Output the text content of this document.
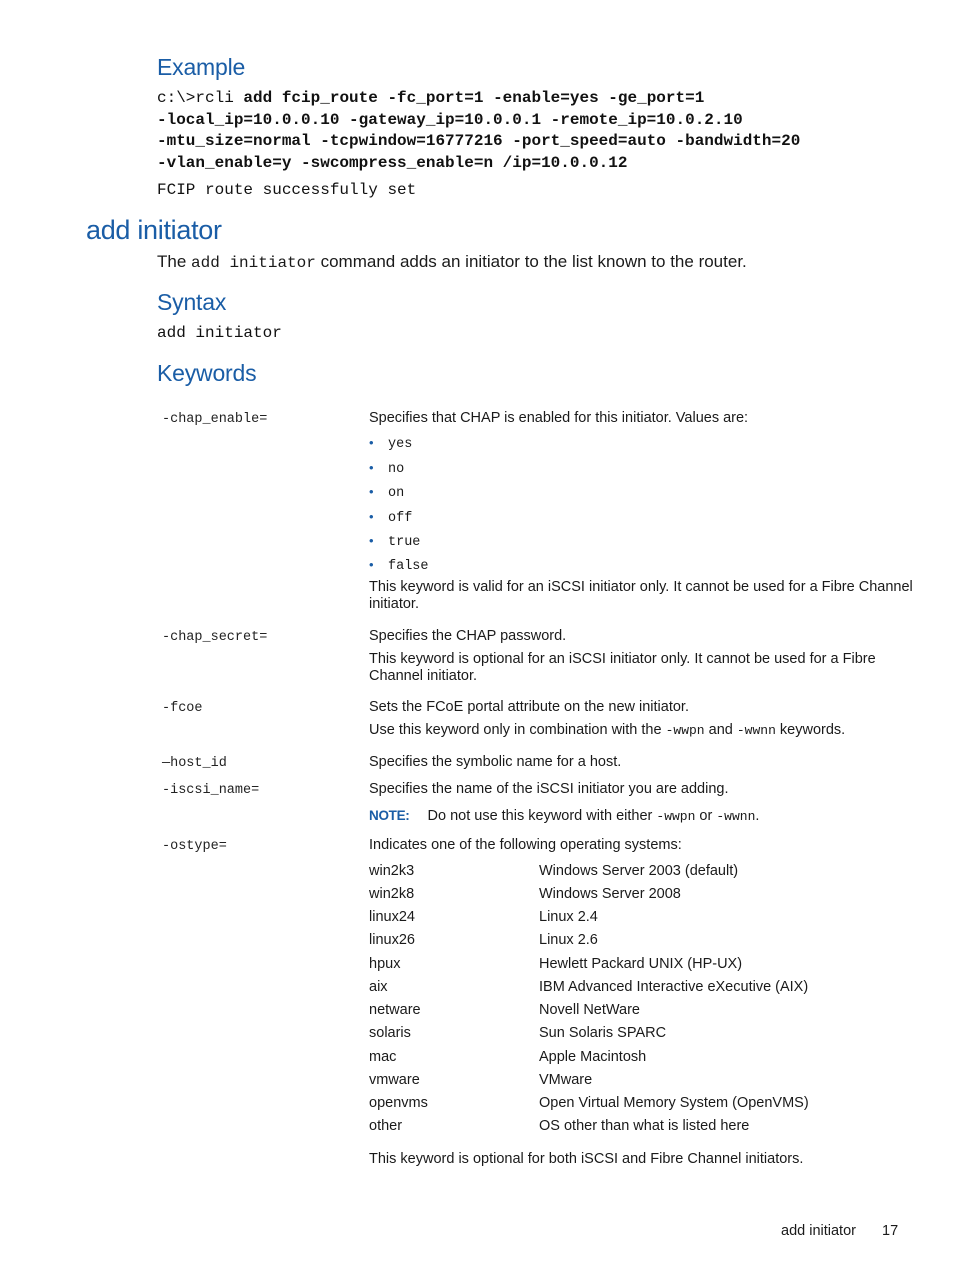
Example
c:\>rcli add fcip_route -fc_port=1 -enable=yes -ge_port=1
-local_ip=10.0.0.10 -gateway_ip=10.0.0.1 -remote_ip=10.0.2.10
-mtu_size=normal -tcpwindow=16777216 -port_speed=auto -bandwidth=20
-vlan_enable=y -swcompress_enable=n /ip=10.0.0.12
FCIP route successfully set
add initiator
The add initiator command adds an initiator to the list known to the router.
Syntax
add initiator
Keywords
-chap_enable=	Specifies that CHAP is enabled for this initiator. Values are:
• yes
• no
• on
• off
• true
• false
This keyword is valid for an iSCSI initiator only. It cannot be used for a Fibre Channel
initiator.
-chap_secret=	Specifies the CHAP password.
This keyword is optional for an iSCSI initiator only. It cannot be used for a Fibre
Channel initiator.
-fcoe	Sets the FCoE portal attribute on the new initiator.
Use this keyword only in combination with the -wwpn and -wwnn keywords.
—host_id	Specifies the symbolic name for a host.
-iscsi_name=	Specifies the name of the iSCSI initiator you are adding.
NOTE: Do not use this keyword with either -wwpn or -wwnn.
-ostype=	Indicates one of the following operating systems:
win2k3	Windows Server 2003 (default)
win2k8	Windows Server 2008
linux24	Linux 2.4
linux26	Linux 2.6
hpux	Hewlett Packard UNIX (HP-UX)
aix	IBM Advanced Interactive eXecutive (AIX)
netware	Novell NetWare
solaris	Sun Solaris SPARC
mac	Apple Macintosh
vmware	VMware
openvms	Open Virtual Memory System (OpenVMS)
other	OS other than what is listed here
This keyword is optional for both iSCSI and Fibre Channel initiators.
add initiator 17
